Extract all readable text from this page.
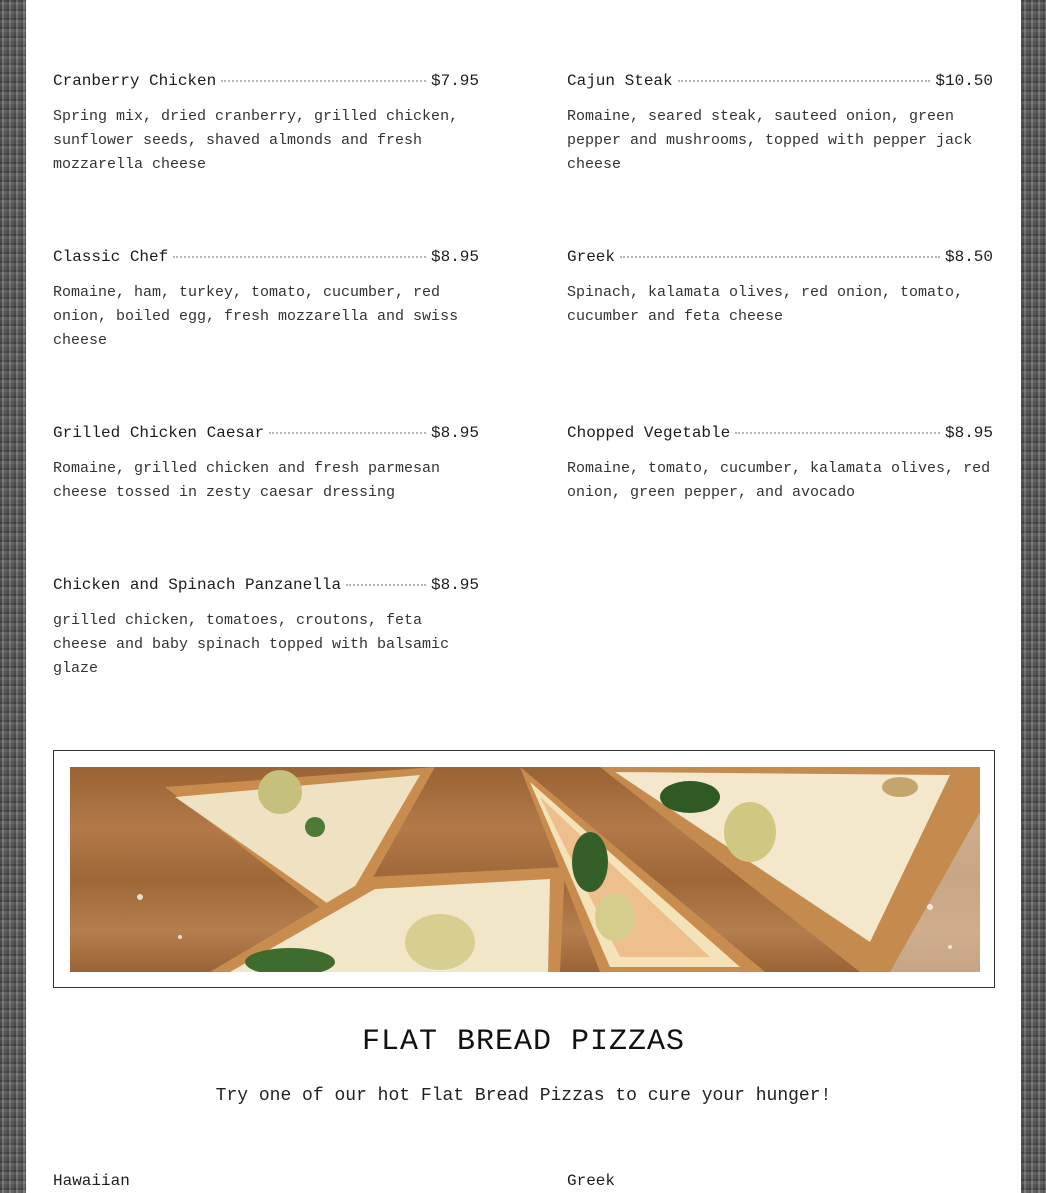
Cranberry Chicken	$7.95
Spring mix, dried cranberry, grilled chicken, sunflower seeds, shaved almonds and fresh mozzarella cheese
Cajun Steak	$10.50
Romaine, seared steak, sauteed onion, green pepper and mushrooms, topped with pepper jack cheese
Classic Chef	$8.95
Romaine, ham, turkey, tomato, cucumber, red onion, boiled egg, fresh mozzarella and swiss cheese
Greek	$8.50
Spinach, kalamata olives, red onion, tomato, cucumber and feta cheese
Grilled Chicken Caesar	$8.95
Romaine, grilled chicken and fresh parmesan cheese tossed in zesty caesar dressing
Chopped Vegetable	$8.95
Romaine, tomato, cucumber, kalamata olives, red onion, green pepper, and avocado
Chicken and Spinach Panzanella	$8.95
grilled chicken, tomatoes, croutons, feta cheese and baby spinach topped with balsamic glaze
FLAT BREAD PIZZAS
Try one of our hot Flat Bread Pizzas to cure your hunger!
Hawaiian	Greek
